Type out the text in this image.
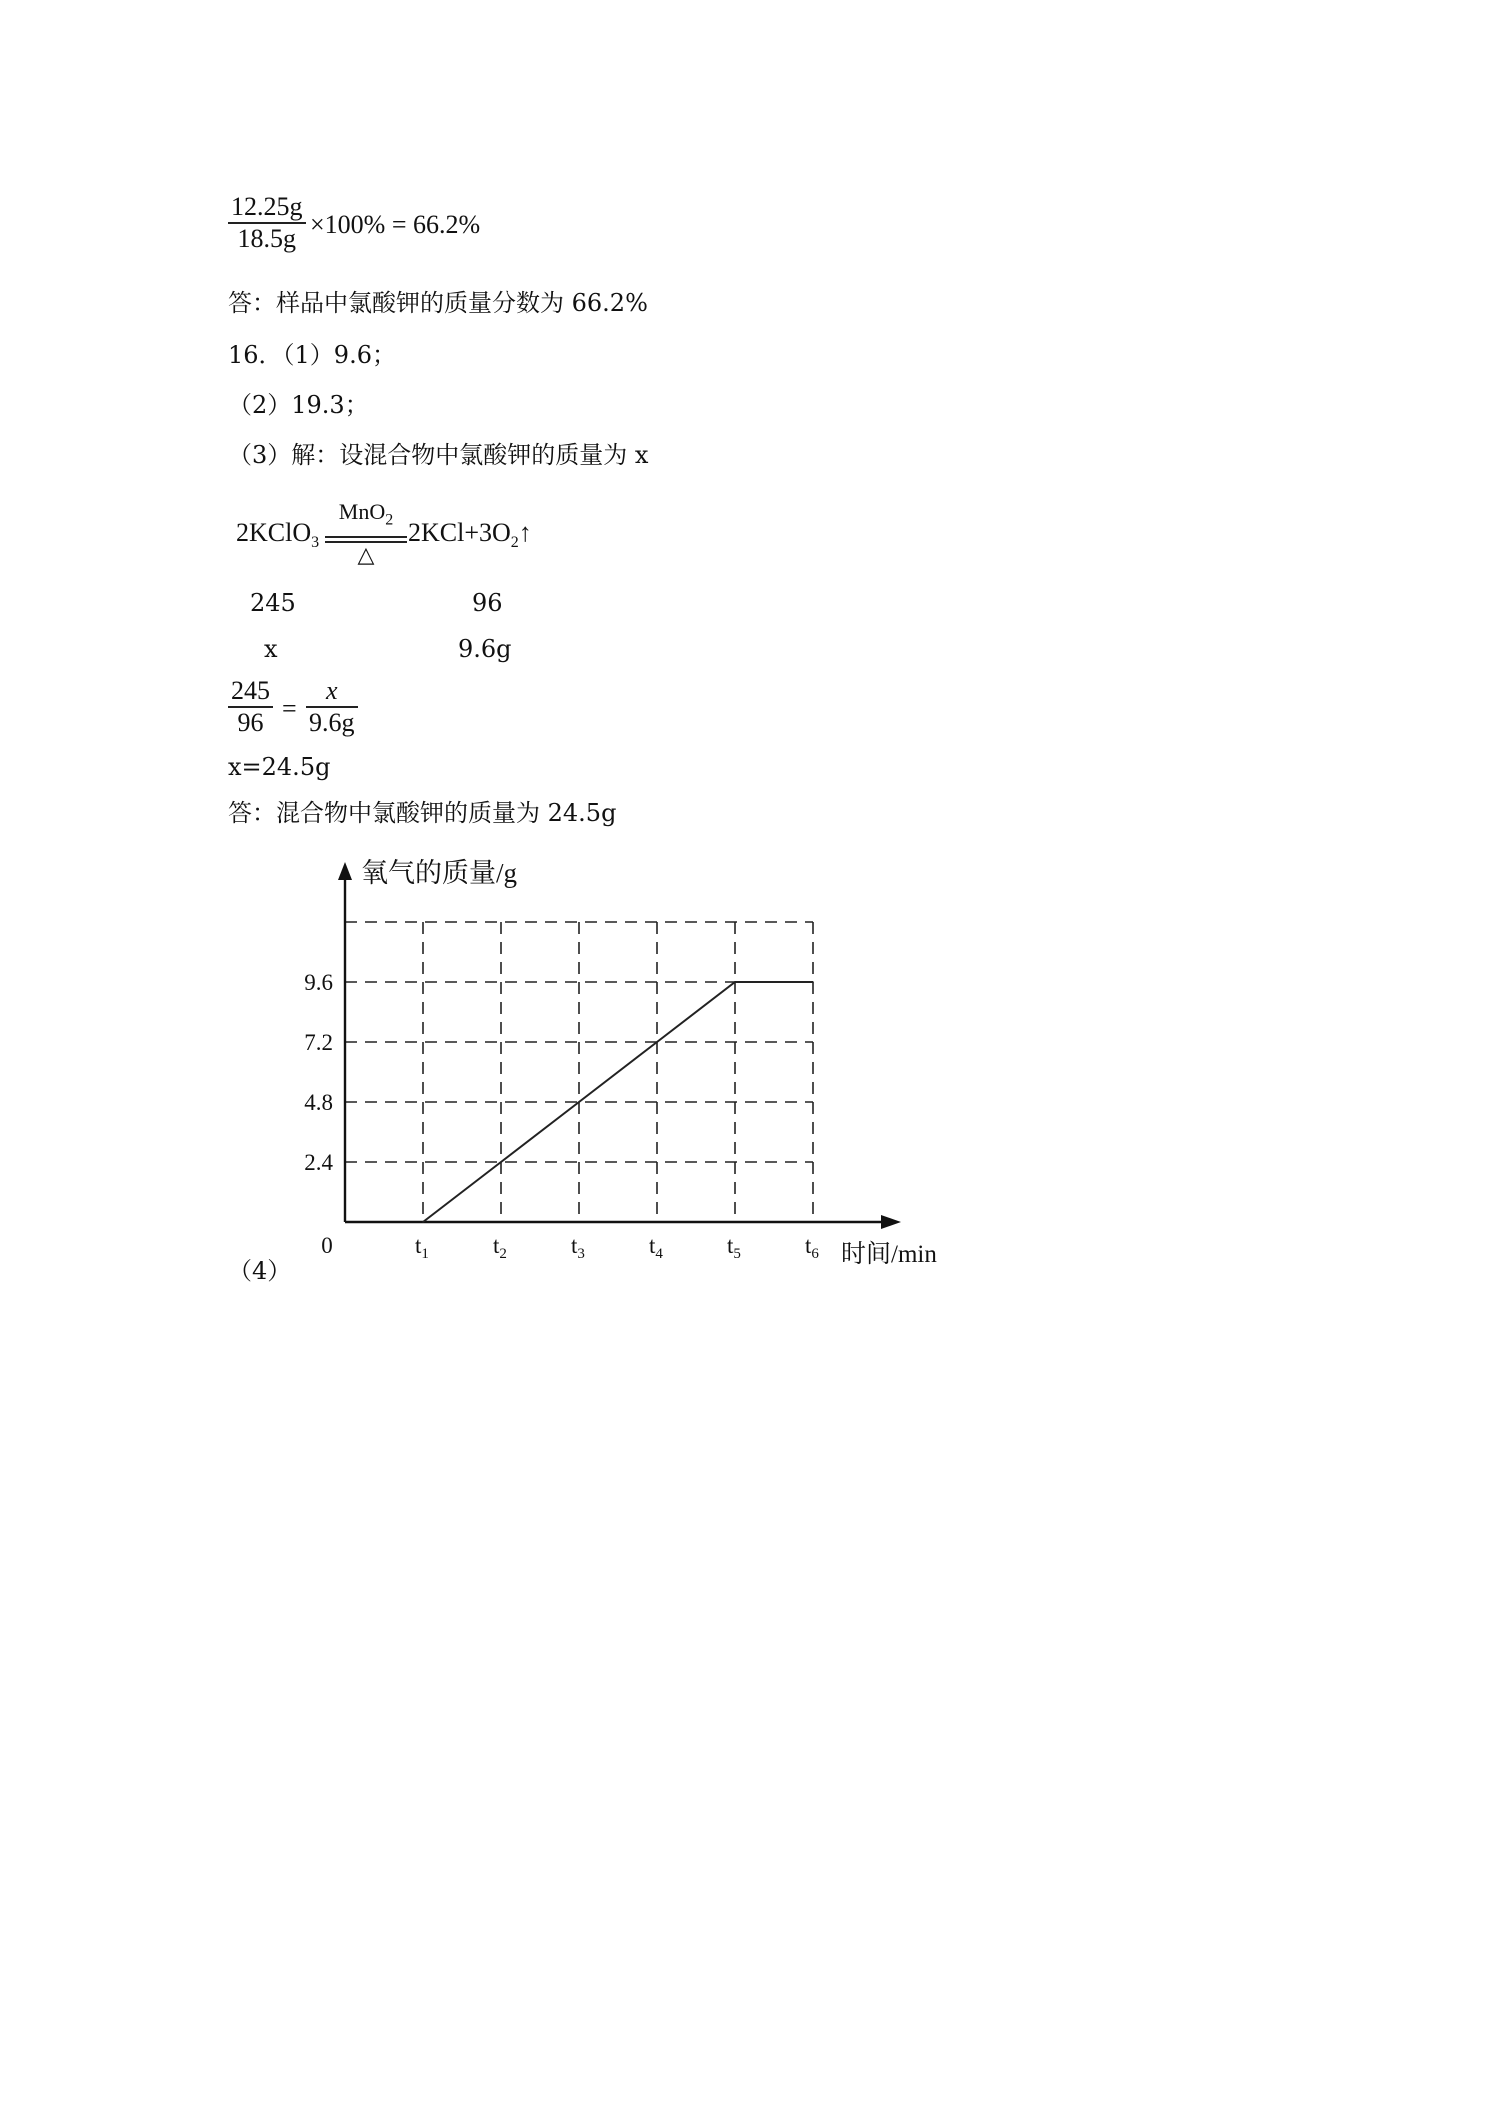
$\frac{12.25g}{18.5g} \times 100\% = 66.2\%$
答：样品中氯酸钾的质量分数为 66.2%
16．（1）9.6；
（2）19.3；
（3）解：设混合物中氯酸钾的质量为 x
2KClO$_3$
MnO$_2$
△
$2KCl+3O_2↑$
245	96
x	9.6g
$\frac{245}{96} = \frac{x}{9.6g}$
x=24.5g
答：混合物中氯酸钾的质量为 24.5g
氧气的质量/g
时间/min
0
2.4
4.8
7.2
9.6
$t_1$	$t_2$	$t_3$	$t_4$	$t_5$	$t_6$
（4）
